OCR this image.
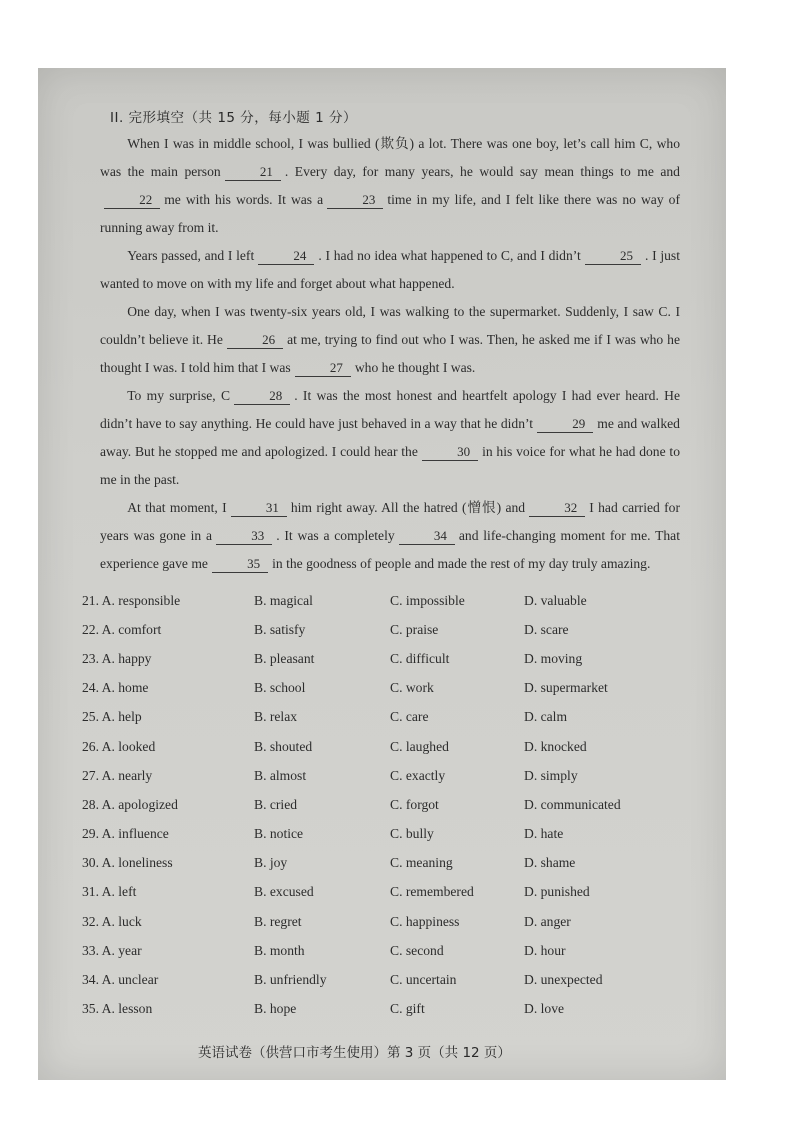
II. 完形填空（共 15 分，每小题 1 分）

When I was in middle school, I was bullied (欺负) a lot. There was one boy, let’s call him C, who was the main person	21 . Every day, for many years, he would say mean things to me and22 me with his words. It was a	23 time in my life, and I felt like there was no way of running away from it.

Years passed, and I left	24 . I had no idea what happened to C, and I didn’t	25 . I just wanted to move on with my life and forget about what happened.

One day, when I was twenty-six years old, I was walking to the supermarket. Suddenly, I saw C. I couldn’t believe it. He	26 at me, trying to find out who I was. Then, he asked me if I was who he thought I was. I told him that I was	27 who he thought I was.

To my surprise, C	28 . It was the most honest and heartfelt apology I had ever heard. He didn’t have to say anything. He could have just behaved in a way that he didn’t	29 me and walked away. But he stopped me and apologized. I could hear the	30 in his voice for what he had done to me in the past.

At that moment, I	31 him right away. All the hatred (憎恨) and	32 I had carried for years was gone in a	33 . It was a completely	34 and life-changing moment for me. That experience gave me	35 in the goodness of people and made the rest of my day truly amazing.

21. A. responsible	B. magical	C. impossible	D. valuable
22. A. comfort	B. satisfy	C. praise	D. scare
23. A. happy	B. pleasant	C. difficult	D. moving
24. A. home	B. school	C. work	D. supermarket
25. A. help	B. relax	C. care	D. calm
26. A. looked	B. shouted	C. laughed	D. knocked
27. A. nearly	B. almost	C. exactly	D. simply
28. A. apologized	B. cried	C. forgot	D. communicated
29. A. influence	B. notice	C. bully	D. hate
30. A. loneliness	B. joy	C. meaning	D. shame
31. A. left	B. excused	C. remembered	D. punished
32. A. luck	B. regret	C. happiness	D. anger
33. A. year	B. month	C. second	D. hour
34. A. unclear	B. unfriendly	C. uncertain	D. unexpected
35. A. lesson	B. hope	C. gift	D. love
英语试卷（供营口市考生使用）第 3 页（共 12 页）
